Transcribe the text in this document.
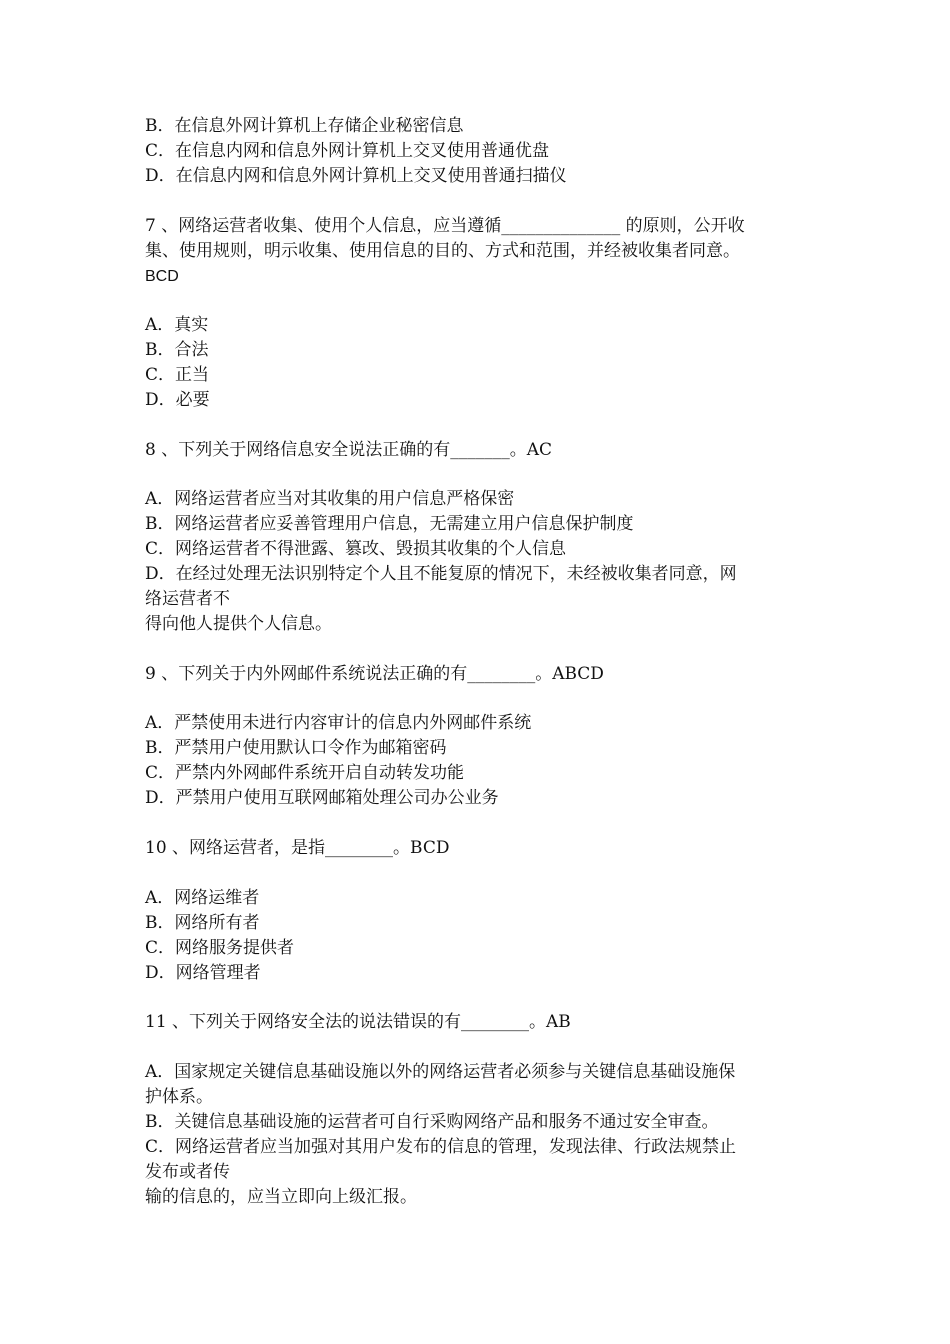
B．在信息外网计算机上存储企业秘密信息
C．在信息内网和信息外网计算机上交叉使用普通优盘
D．在信息内网和信息外网计算机上交叉使用普通扫描仪
7 、网络运营者收集、使用个人信息，应当遵循______________ 的原则，公开收
集、使用规则，明示收集、使用信息的目的、方式和范围，并经被收集者同意。
BCD
A．真实
B．合法
C．正当
D．必要
8 、下列关于网络信息安全说法正确的有_______。AC
A．网络运营者应当对其收集的用户信息严格保密
B．网络运营者应妥善管理用户信息，无需建立用户信息保护制度
C．网络运营者不得泄露、篡改、毁损其收集的个人信息
D．在经过处理无法识别特定个人且不能复原的情况下，未经被收集者同意，网
络运营者不
得向他人提供个人信息。
9 、下列关于内外网邮件系统说法正确的有________。ABCD
A．严禁使用未进行内容审计的信息内外网邮件系统
B．严禁用户使用默认口令作为邮箱密码
C．严禁内外网邮件系统开启自动转发功能
D．严禁用户使用互联网邮箱处理公司办公业务
10 、网络运营者，是指________。BCD
A．网络运维者
B．网络所有者
C．网络服务提供者
D．网络管理者
11 、下列关于网络安全法的说法错误的有________。AB
A．国家规定关键信息基础设施以外的网络运营者必须参与关键信息基础设施保
护体系。
B．关键信息基础设施的运营者可自行采购网络产品和服务不通过安全审查。
C．网络运营者应当加强对其用户发布的信息的管理，发现法律、行政法规禁止
发布或者传
输的信息的，应当立即向上级汇报。
